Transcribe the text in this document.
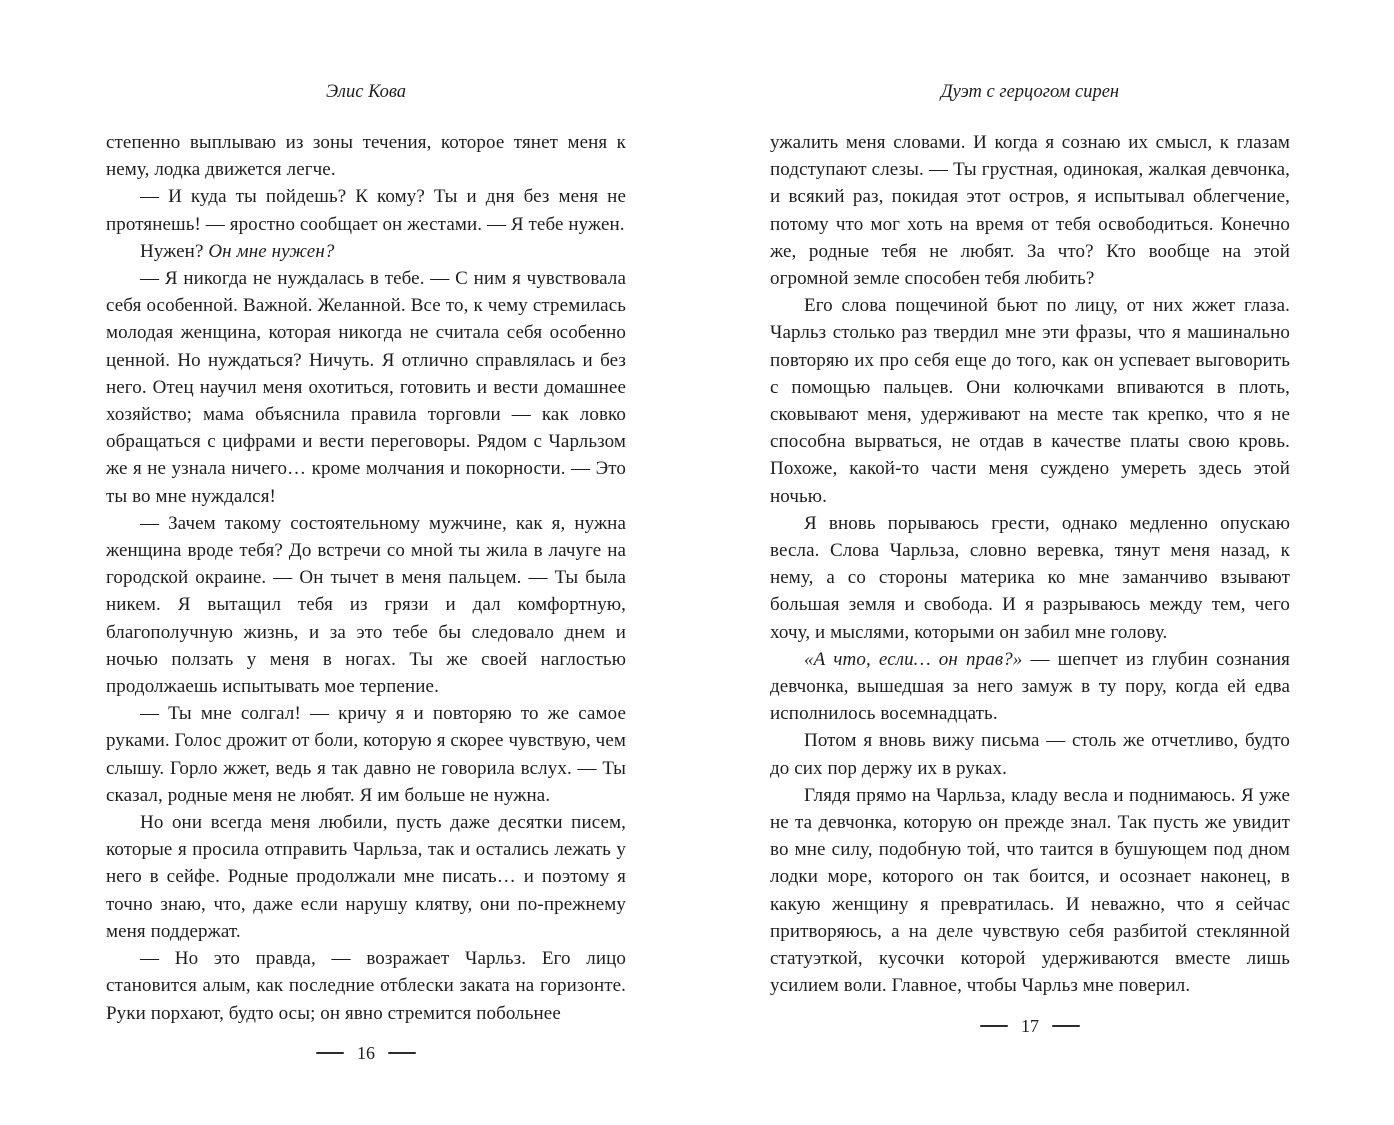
Элис Кова

степенно выплываю из зоны течения, которое тянет меня к нему, лодка движется легче.

— И куда ты пойдешь? К кому? Ты и дня без меня не протянешь! — яростно сообщает он жестами. — Я тебе нужен.

Нужен? Он мне нужен?

— Я никогда не нуждалась в тебе. — С ним я чувствовала себя особенной. Важной. Желанной. Все то, к чему стремилась молодая женщина, которая никогда не считала себя особенно ценной. Но нуждаться? Ничуть. Я отлично справлялась и без него. Отец научил меня охотиться, готовить и вести домашнее хозяйство; мама объяснила правила торговли — как ловко обращаться с цифрами и вести переговоры. Рядом с Чарльзом же я не узнала ничего… кроме молчания и покорности. — Это ты во мне нуждался!

— Зачем такому состоятельному мужчине, как я, нужна женщина вроде тебя? До встречи со мной ты жила в лачуге на городской окраине. — Он тычет в меня пальцем. — Ты была никем. Я вытащил тебя из грязи и дал комфортную, благополучную жизнь, и за это тебе бы следовало днем и ночью ползать у меня в ногах. Ты же своей наглостью продолжаешь испытывать мое терпение.

— Ты мне солгал! — кричу я и повторяю то же самое руками. Голос дрожит от боли, которую я скорее чувствую, чем слышу. Горло жжет, ведь я так давно не говорила вслух. — Ты сказал, родные меня не любят. Я им больше не нужна.

Но они всегда меня любили, пусть даже десятки писем, которые я просила отправить Чарльза, так и остались лежать у него в сейфе. Родные продолжали мне писать… и поэтому я точно знаю, что, даже если нарушу клятву, они по-прежнему меня поддержат.

— Но это правда, — возражает Чарльз. Его лицо становится алым, как последние отблески заката на горизонте. Руки порхают, будто осы; он явно стремится побольнее

16
Дуэт с герцогом сирен

ужалить меня словами. И когда я сознаю их смысл, к глазам подступают слезы. — Ты грустная, одинокая, жалкая девчонка, и всякий раз, покидая этот остров, я испытывал облегчение, потому что мог хоть на время от тебя освободиться. Конечно же, родные тебя не любят. За что? Кто вообще на этой огромной земле способен тебя любить?

Его слова пощечиной бьют по лицу, от них жжет глаза. Чарльз столько раз твердил мне эти фразы, что я машинально повторяю их про себя еще до того, как он успевает выговорить с помощью пальцев. Они колючками впиваются в плоть, сковывают меня, удерживают на месте так крепко, что я не способна вырваться, не отдав в качестве платы свою кровь. Похоже, какой-то части меня суждено умереть здесь этой ночью.

Я вновь порываюсь грести, однако медленно опускаю весла. Слова Чарльза, словно веревка, тянут меня назад, к нему, а со стороны материка ко мне заманчиво взывают большая земля и свобода. И я разрываюсь между тем, чего хочу, и мыслями, которыми он забил мне голову.

«А что, если… он прав?» — шепчет из глубин сознания девчонка, вышедшая за него замуж в ту пору, когда ей едва исполнилось восемнадцать.

Потом я вновь вижу письма — столь же отчетливо, будто до сих пор держу их в руках.

Глядя прямо на Чарльза, кладу весла и поднимаюсь. Я уже не та девчонка, которую он прежде знал. Так пусть же увидит во мне силу, подобную той, что таится в бушующем под дном лодки море, которого он так боится, и осознает наконец, в какую женщину я превратилась. И неважно, что я сейчас притворяюсь, а на деле чувствую себя разбитой стеклянной статуэткой, кусочки которой удерживаются вместе лишь усилием воли. Главное, чтобы Чарльз мне поверил.

17
